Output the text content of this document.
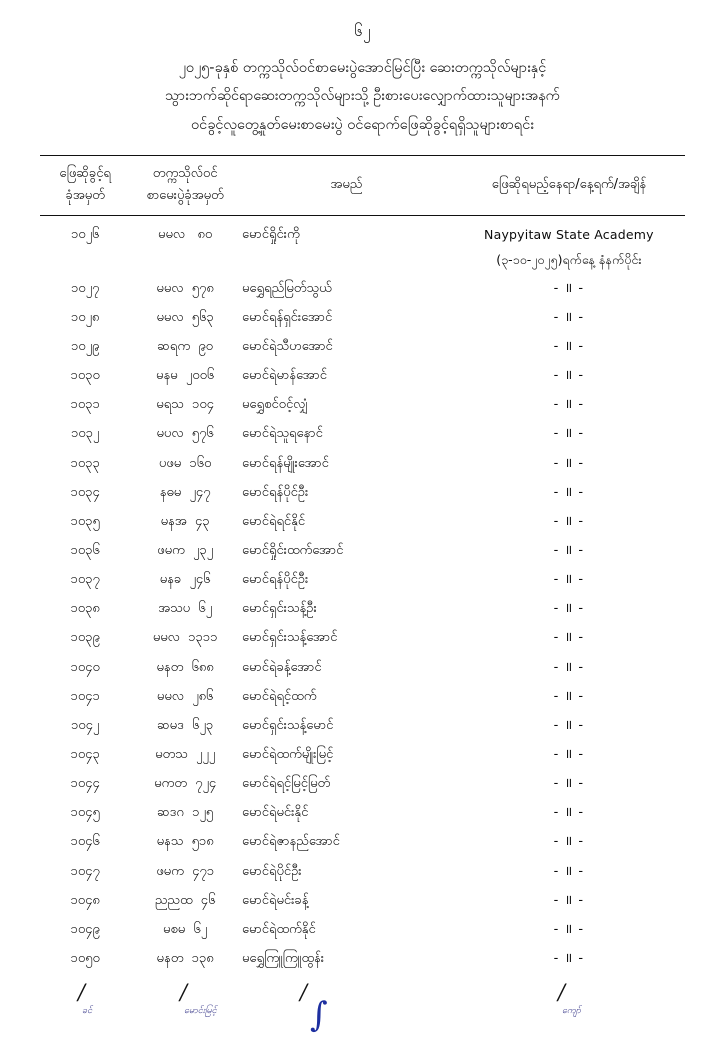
၆၂
၂၀၂၅-ခုနှစ် တက္ကသိုလ်ဝင်စာမေးပွဲအောင်မြင်ပြီး ဆေးတက္ကသိုလ်များနှင့်
သွားဘက်ဆိုင်ရာဆေးတက္ကသိုလ်များသို့ ဦးစားပေးလျှောက်ထားသူများအနက်
ဝင်ခွင့်လူတွေ့နှုတ်မေးစာမေးပွဲ ဝင်ရောက်ဖြေဆိုခွင့်ရရှိသူများစာရင်း
ဖြေဆိုခွင့်ရ
ခုံအမှတ်	တက္ကသိုလ်ဝင်
စာမေးပွဲခုံအမှတ်	အမည်	ဖြေဆိုရမည့်နေရာ/နေ့ရက်/အချိန်
၁၀၂၆	မမလ ၈၀	မောင်ရှိုင်းကို	Naypyitaw State Academy
(၃-၁၀-၂၀၂၅)ရက်နေ့ နံနက်ပိုင်း

၁၀၂၇	မမလ ၅၇၈	မရွှေရည်မြတ်သွယ်	- ॥ -

၁၀၂၈	မမလ ၅၆၃	မောင်ရန်ရှင်းအောင်	- ॥ -

၁၀၂၉	ဆရက ၉၀	မောင်ရဲသီဟအောင်	- ॥ -

၁၀၃၀	မနမ ၂၀၀၆	မောင်ရဲမာန်အောင်	- ॥ -

၁၀၃၁	မရသ ၁၀၄	မရွှေစင်ဝင့်လျှံ	- ॥ -

၁၀၃၂	မပလ ၅၇၆	မောင်ရဲသူရနောင်	- ॥ -

၁၀၃၃	ပဖမ ၁၆၀	မောင်ရန်မျိုးအောင်	- ॥ -

၁၀၃၄	နဓမ ၂၄၇	မောင်ရန်ပိုင်ဦး	- ॥ -

၁၀၃၅	မနအ ၄၃	မောင်ရဲရင်နိုင်	- ॥ -

၁၀၃၆	ဖမက ၂၃၂	မောင်ရှိုင်းထက်အောင်	- ॥ -

၁၀၃၇	မနခ ၂၄၆	မောင်ရန်ပိုင်ဦး	- ॥ -

၁၀၃၈	အသပ ၆၂	မောင်ရှင်းသန့်ဦး	- ॥ -

၁၀၃၉	မမလ ၁၃၁၁	မောင်ရှင်းသန့်အောင်	- ॥ -

၁၀၄၀	မနတ ၆၈၈	မောင်ရဲခန့်အောင်	- ॥ -

၁၀၄၁	မမလ ၂၈၆	မောင်ရဲရင့်ထက်	- ॥ -

၁၀၄၂	ဆမဒ ၆၂၃	မောင်ရှင်းသန့်မောင်	- ॥ -

၁၀၄၃	မတသ ၂၂၂	မောင်ရဲထက်မျိုးမြင့်	- ॥ -

၁၀၄၄	မကတ ၇၂၄	မောင်ရဲရင့်မြင့်မြတ်	- ॥ -

၁၀၄၅	ဆဒဂ ၁၂၅	မောင်ရဲမင်းနိုင်	- ॥ -

၁၀၄၆	မနသ ၅၁၈	မောင်ရဲဇာနည်အောင်	- ॥ -

၁၀၄၇	ဖမက ၄၇၁	မောင်ရဲပိုင်ဦး	- ॥ -

၁၀၄၈	ညညထ ၄၆	မောင်ရဲမင်းခန့်	- ॥ -

၁၀၄၉	မစမ ၆၂	မောင်ရဲထက်နိုင်	- ॥ -

၁၀၅၀	မနတ ၁၃၈	မရွှေကြူကြူထွန်း	- ॥ -
/
ခင်
/
မောင်းမြင့်
/
∫
/
ကျော်
